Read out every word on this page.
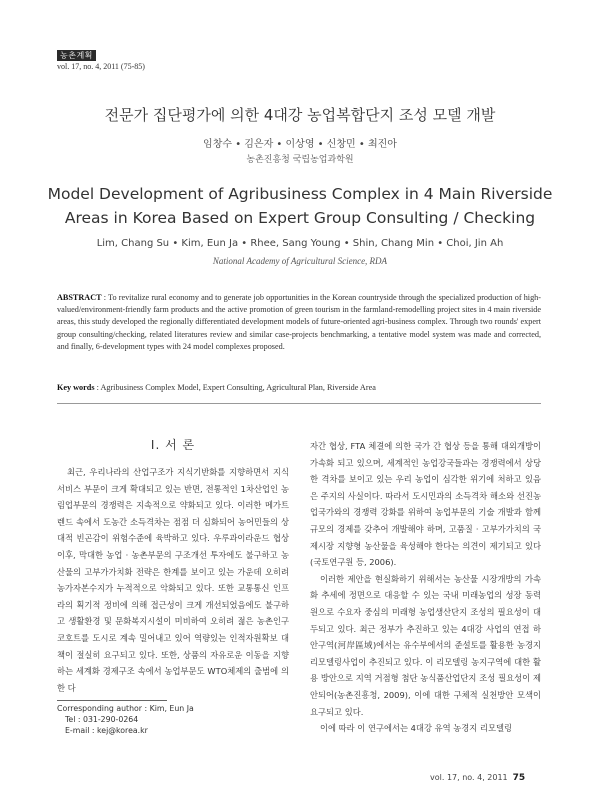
농촌계획
vol. 17, no. 4, 2011 (75-85)
전문가 집단평가에 의한 4대강 농업복합단지 조성 모델 개발
임창수 • 김은자 • 이상영 • 신창민 • 최진아
농촌진흥청 국립농업과학원
Model Development of Agribusiness Complex in 4 Main Riverside Areas in Korea Based on Expert Group Consulting / Checking
Lim, Chang Su • Kim, Eun Ja • Rhee, Sang Young • Shin, Chang Min • Choi, Jin Ah
National Academy of Agricultural Science, RDA
ABSTRACT : To revitalize rural economy and to generate job opportunities in the Korean countryside through the specialized production of high-valued/environment-friendly farm products and the active promotion of green tourism in the farmland-remodelling project sites in 4 main riverside areas, this study developed the regionally differentiated development models of future-oriented agri-business complex. Through two rounds' expert group consulting/checking, related literatures review and similar case-projects benchmarking, a tentative model system was made and corrected, and finally, 6-development types with 24 model complexes proposed.
Key words : Agribusiness Complex Model, Expert Consulting, Agricultural Plan, Riverside Area
Ⅰ. 서 론

최근, 우리나라의 산업구조가 지식기반화를 지향하면서 지식서비스 부문이 크게 확대되고 있는 반면, 전통적인 1차산업인 농림업부문의 경쟁력은 지속적으로 약화되고 있다. 이러한 메가트렌드 속에서 도농간 소득격차는 점점 더 심화되어 농어민들의 상대적 빈곤감이 위험수준에 육박하고 있다. 우루과이라운드 협상 이후, 막대한 농업 · 농촌부문의 구조개선 투자에도 불구하고 농산물의 고부가가치화 전략은 한계를 보이고 있는 가운데 오히려 농가자본수지가 누적적으로 악화되고 있다. 또한 교통통신 인프라의 획기적 정비에 의해 접근성이 크게 개선되었음에도 불구하고 생활환경 및 문화복지시설이 미비하여 오히려 젊은 농촌인구 코호트를 도시로 계속 밀어내고 있어 역량있는 인적자원확보 대책이 절실히 요구되고 있다. 또한, 상품의 자유로운 이동을 지향하는 세계화 경제구조 속에서 농업부문도 WTO체제의 출범에 의한 다

자간 협상, FTA 체결에 의한 국가 간 협상 등을 통해 대외개방이 가속화 되고 있으며, 세계적인 농업강국들과는 경쟁력에서 상당한 격차를 보이고 있는 우리 농업이 심각한 위기에 처하고 있음은 주지의 사실이다. 따라서 도시민과의 소득격차 해소와 선진농업국가와의 경쟁력 강화를 위하여 농업부문의 기술 개발과 함께 규모의 경제를 갖추어 개발해야 하며, 고품질 · 고부가가치의 국제시장 지향형 농산물을 육성해야 한다는 의견이 제기되고 있다(국토연구원 등, 2006).

이러한 제안을 현실화하기 위해서는 농산물 시장개방의 가속화 추세에 정면으로 대응할 수 있는 국내 미래농업의 성장 동력원으로 수요자 중심의 미래형 농업생산단지 조성의 필요성이 대두되고 있다. 최근 정부가 추진하고 있는 4대강 사업의 연접 하안구역(河岸區域)에서는 유수부에서의 준설토를 활용한 농경지 리모델링사업이 추진되고 있다. 이 리모델링 농지구역에 대한 활용 방안으로 지역 거점형 첨단 농식품산업단지 조성 필요성이 제안되어(농촌진흥청, 2009), 이에 대한 구체적 실천방안 모색이 요구되고 있다.

이에 따라 이 연구에서는 4대강 유역 농경지 리모델링

Corresponding author : Kim, Eun Ja
Tel : 031-290-0264
E-mail : kej@korea.kr
vol. 17, no. 4, 2011 75
